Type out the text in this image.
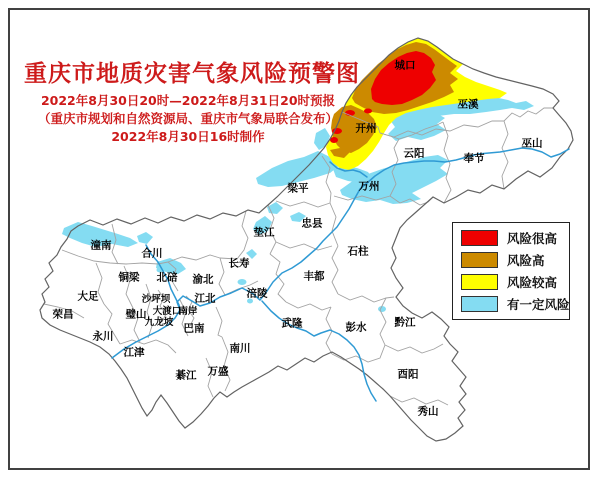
城口
巫溪
开州
云阳	奉节
巫山
梁平	万州
忠县
垫江
石柱
丰都
涪陵
潼南
合川
长寿
铜梁 北碚 渝北
大足	沙坪坝 江北
荣昌	璧山 大渡口
南岸
九龙坡 巴南
永川
江津	南川
綦江 万盛
武隆	彭水	黔江
酉阳
秀山
重庆市地质灾害气象风险预警图
2022年8月30日20时—2022年8月31日20时预报
（重庆市规划和自然资源局、重庆市气象局联合发布）
2022年8月30日16时制作
风险很高
风险高
风险较高
有一定风险
